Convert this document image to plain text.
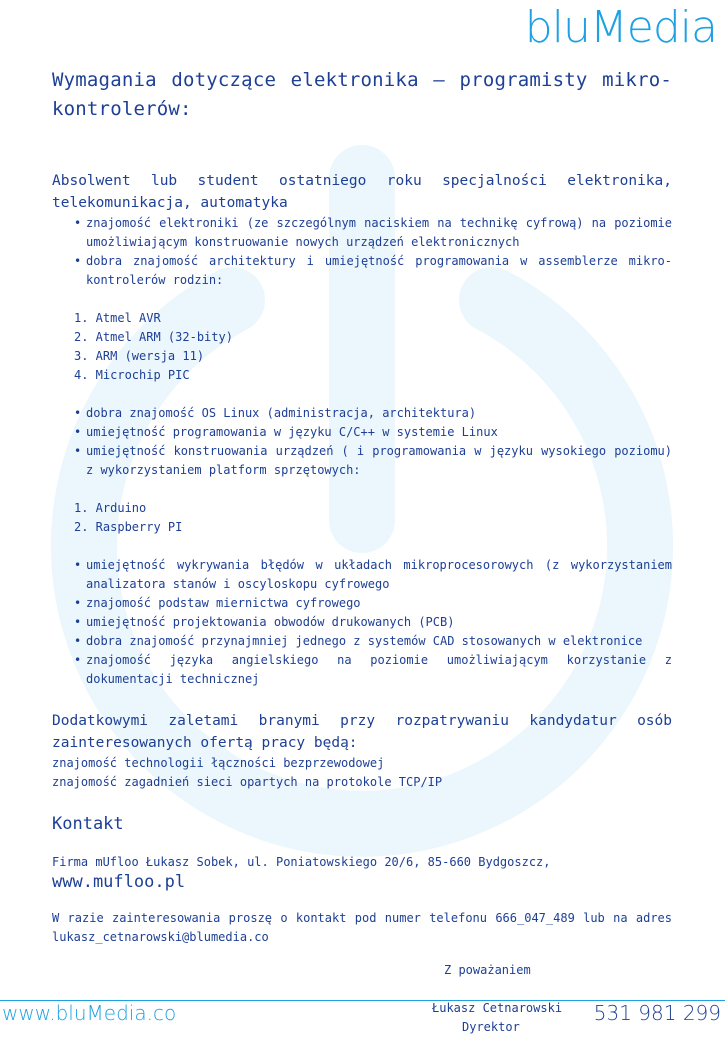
bluMedia
Wymagania dotyczące elektronika – programisty mikro-kontrolerów:
Absolwent lub student ostatniego roku specjalności elektronika, telekomunikacja, automatyka
• znajomość elektroniki (ze szczególnym naciskiem na technikę cyfrową) na poziomie umożliwiającym konstruowanie nowych urządzeń elektronicznych
• dobra znajomość architektury i umiejętność programowania w assemblerze mikro-kontrolerów rodzin:
1. Atmel AVR
2. Atmel ARM (32-bity)
3. ARM (wersja 11)
4. Microchip PIC
• dobra znajomość OS Linux (administracja, architektura)
• umiejętność programowania w języku C/C++ w systemie Linux
• umiejętność konstruowania urządzeń ( i programowania w języku wysokiego poziomu) z wykorzystaniem platform sprzętowych:
1. Arduino
2. Raspberry PI
• umiejętność wykrywania błędów w układach mikroprocesorowych (z wykorzystaniem analizatora stanów i oscyloskopu cyfrowego
• znajomość podstaw miernictwa cyfrowego
• umiejętność projektowania obwodów drukowanych (PCB)
• dobra znajomość przynajmniej jednego z systemów CAD stosowanych w elektronice
• znajomość języka angielskiego na poziomie umożliwiającym korzystanie z dokumentacji technicznej
Dodatkowymi zaletami branymi przy rozpatrywaniu kandydatur osób zainteresowanych ofertą pracy będą:
znajomość technologii łączności bezprzewodowej
znajomość zagadnień sieci opartych na protokole TCP/IP
Kontakt
Firma mUfloo Łukasz Sobek, ul. Poniatowskiego 20/6, 85-660 Bydgoszcz, www.mufloo.pl
W razie zainteresowania proszę o kontakt pod numer telefonu 666_047_489 lub na adres lukasz_cetnarowski@blumedia.co
Z poważaniem
Łukasz Cetnarowski
Dyrektor
www.bluMedia.co	531 981 299
